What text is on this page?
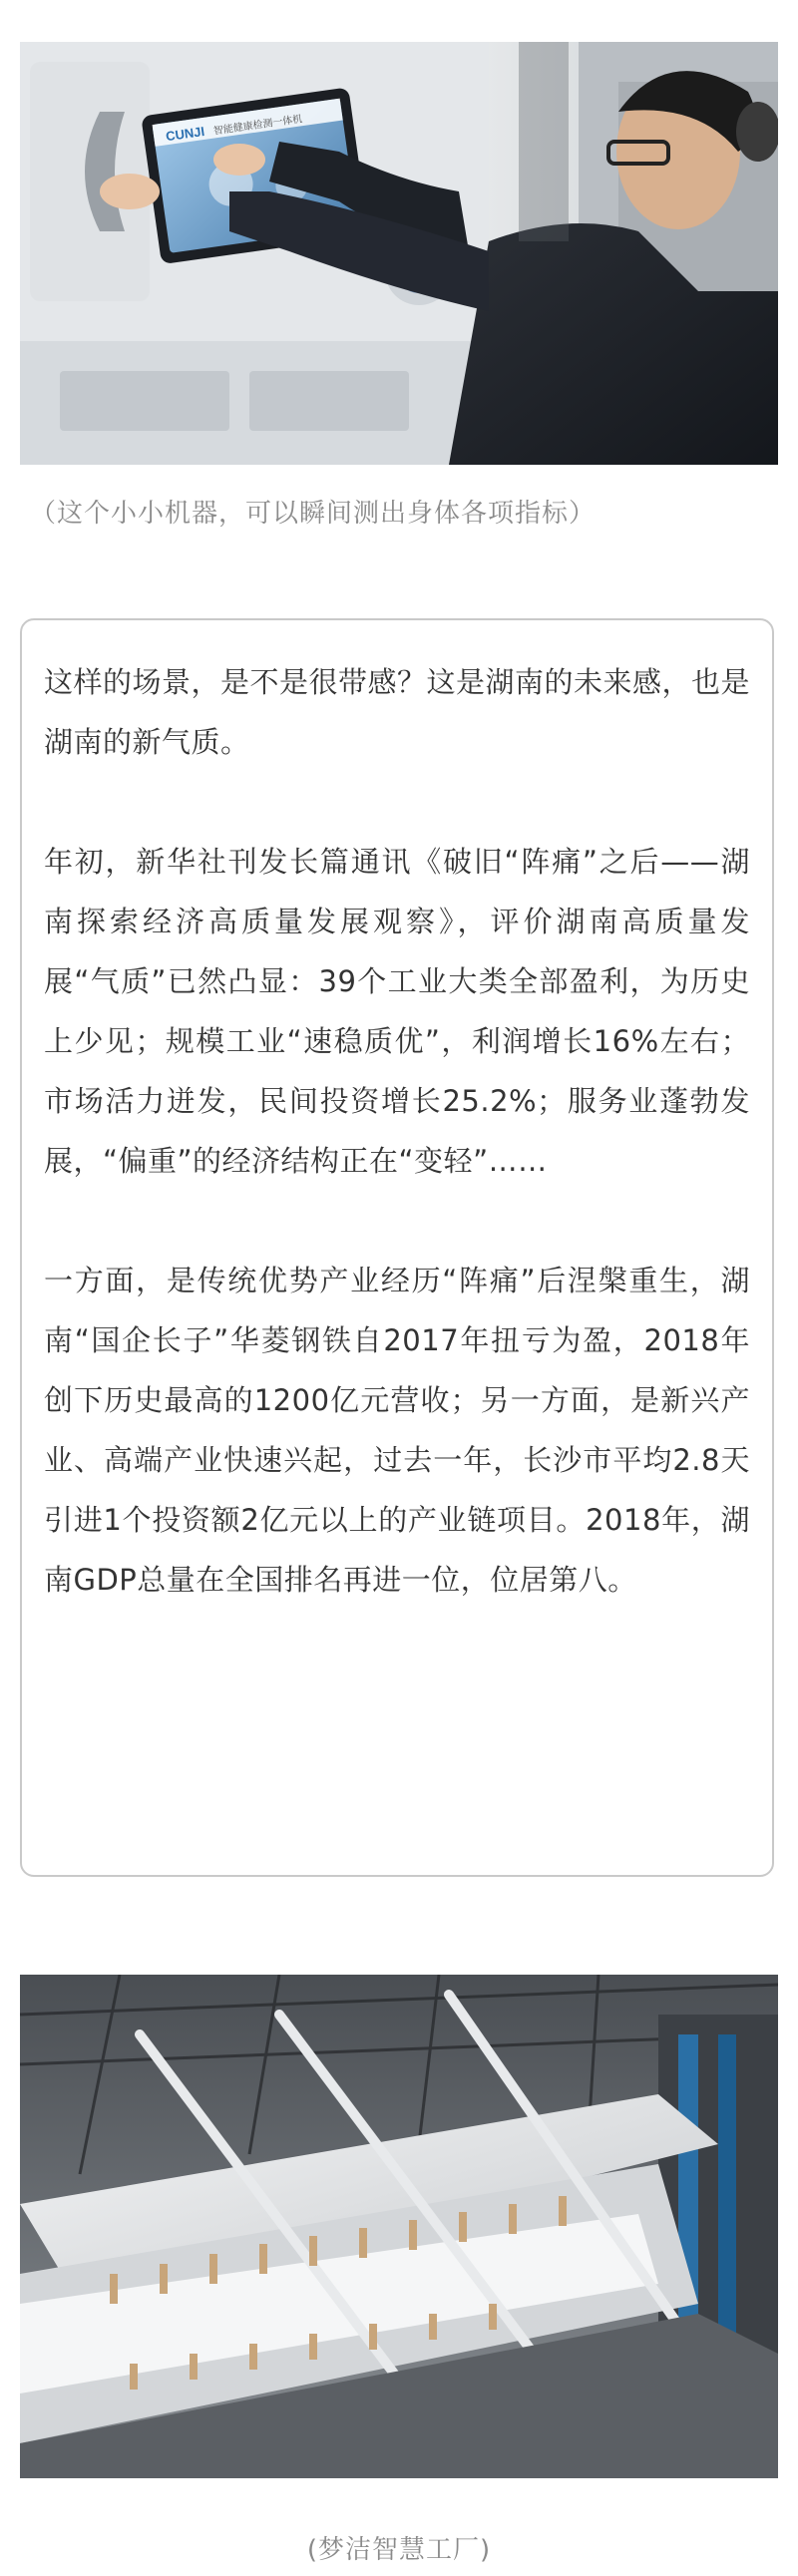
CUNJI 智能健康检测一体机
（这个小小机器，可以瞬间测出身体各项指标）

这样的场景，是不是很带感？这是湖南的未来感，也是湖南的新气质。

年初，新华社刊发长篇通讯《破旧“阵痛”之后——湖南探索经济高质量发展观察》，评价湖南高质量发展“气质”已然凸显：39个工业大类全部盈利，为历史上少见；规模工业“速稳质优”，利润增长16%左右；市场活力迸发，民间投资增长25.2%；服务业蓬勃发展，“偏重”的经济结构正在“变轻”……

一方面，是传统优势产业经历“阵痛”后涅槃重生，湖南“国企长子”华菱钢铁自2017年扭亏为盈，2018年创下历史最高的1200亿元营收；另一方面，是新兴产业、高端产业快速兴起，过去一年，长沙市平均2.8天引进1个投资额2亿元以上的产业链项目。2018年，湖南GDP总量在全国排名再进一位，位居第八。

(梦洁智慧工厂)
